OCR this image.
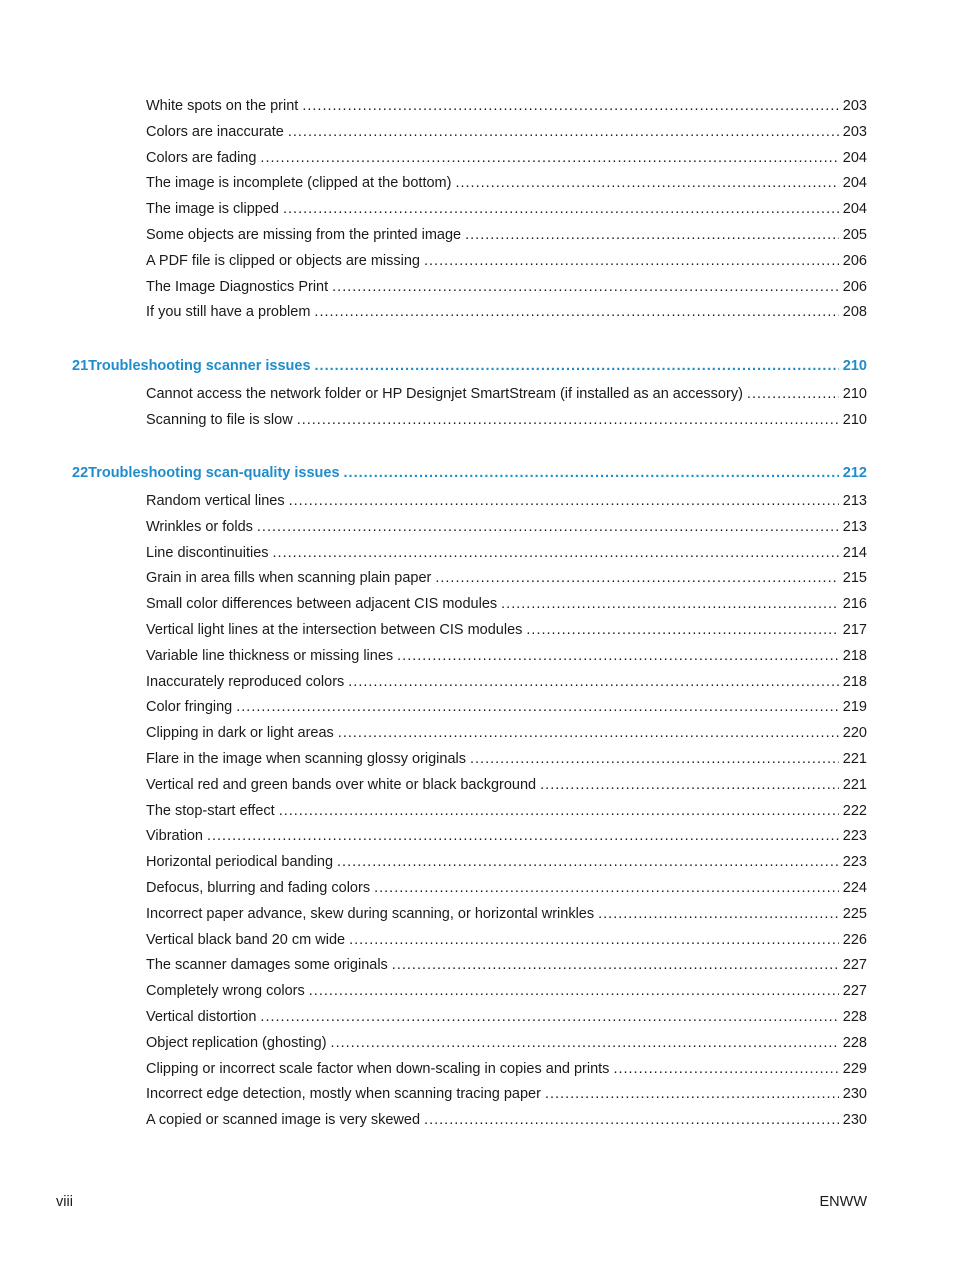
White spots on the print .....	203
Colors are inaccurate .....	203
Colors are fading .....	204
The image is incomplete (clipped at the bottom) .....	204
The image is clipped .....	204
Some objects are missing from the printed image .....	205
A PDF file is clipped or objects are missing .....	206
The Image Diagnostics Print .....	206
If you still have a problem .....	208
21 Troubleshooting scanner issues .....	210
Cannot access the network folder or HP Designjet SmartStream (if installed as an accessory) .....	210
Scanning to file is slow .....	210
22 Troubleshooting scan-quality issues .....	212
Random vertical lines .....	213
Wrinkles or folds .....	213
Line discontinuities .....	214
Grain in area fills when scanning plain paper .....	215
Small color differences between adjacent CIS modules .....	216
Vertical light lines at the intersection between CIS modules .....	217
Variable line thickness or missing lines .....	218
Inaccurately reproduced colors .....	218
Color fringing .....	219
Clipping in dark or light areas .....	220
Flare in the image when scanning glossy originals .....	221
Vertical red and green bands over white or black background .....	221
The stop-start effect .....	222
Vibration .....	223
Horizontal periodical banding .....	223
Defocus, blurring and fading colors .....	224
Incorrect paper advance, skew during scanning, or horizontal wrinkles .....	225
Vertical black band 20 cm wide .....	226
The scanner damages some originals .....	227
Completely wrong colors .....	227
Vertical distortion .....	228
Object replication (ghosting) .....	228
Clipping or incorrect scale factor when down-scaling in copies and prints .....	229
Incorrect edge detection, mostly when scanning tracing paper .....	230
A copied or scanned image is very skewed .....	230
viii	ENWW
